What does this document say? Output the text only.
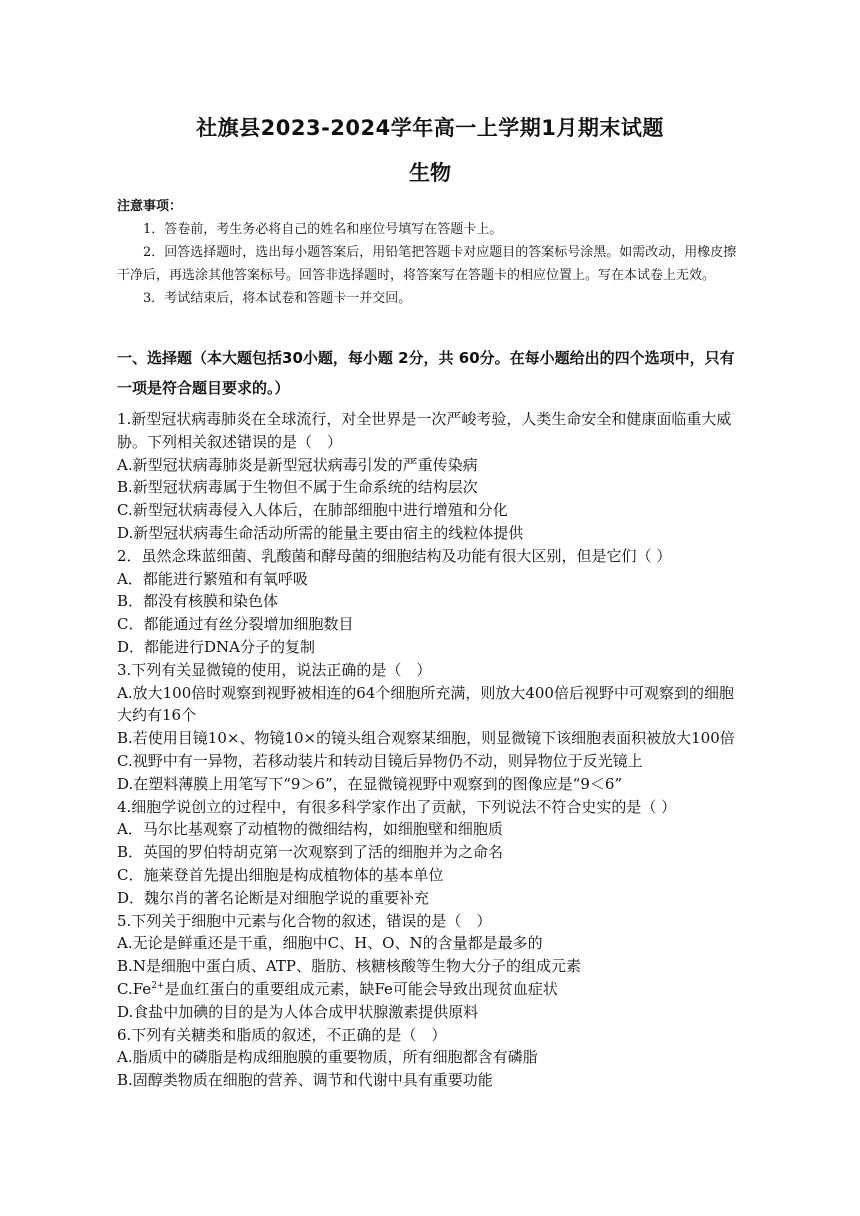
社旗县2023-2024学年高一上学期1月期末试题
生物
注意事项：

1．答卷前，考生务必将自己的姓名和座位号填写在答题卡上。

2．回答选择题时，选出每小题答案后，用铅笔把答题卡对应题目的答案标号涂黑。如需改动，用橡皮擦干净后，再选涂其他答案标号。回答非选择题时，将答案写在答题卡的相应位置上。写在本试卷上无效。

3．考试结束后，将本试卷和答题卡一并交回。

一、选择题（本大题包括30小题，每小题 2分，共 60分。在每小题给出的四个选项中，只有一项是符合题目要求的。）

1.新型冠状病毒肺炎在全球流行，对全世界是一次严峻考验，人类生命安全和健康面临重大威胁。下列相关叙述错误的是（　）

A.新型冠状病毒肺炎是新型冠状病毒引发的严重传染病

B.新型冠状病毒属于生物但不属于生命系统的结构层次

C.新型冠状病毒侵入人体后，在肺部细胞中进行增殖和分化

D.新型冠状病毒生命活动所需的能量主要由宿主的线粒体提供

2．虽然念珠蓝细菌、乳酸菌和酵母菌的细胞结构及功能有很大区别，但是它们（ ）

A．都能进行繁殖和有氧呼吸

B．都没有核膜和染色体

C．都能通过有丝分裂增加细胞数目

D．都能进行DNA分子的复制

3.下列有关显微镜的使用，说法正确的是（　）

A.放大100倍时观察到视野被相连的64个细胞所充满，则放大400倍后视野中可观察到的细胞大约有16个

B.若使用目镜10×、物镜10×的镜头组合观察某细胞，则显微镜下该细胞表面积被放大100倍

C.视野中有一异物，若移动装片和转动目镜后异物仍不动，则异物位于反光镜上

D.在塑料薄膜上用笔写下“9＞6”，在显微镜视野中观察到的图像应是“9＜6”

4.细胞学说创立的过程中，有很多科学家作出了贡献，下列说法不符合史实的是（ ）

A．马尔比基观察了动植物的微细结构，如细胞壁和细胞质

B．英国的罗伯特胡克第一次观察到了活的细胞并为之命名

C．施莱登首先提出细胞是构成植物体的基本单位

D．魏尔肖的著名论断是对细胞学说的重要补充

5.下列关于细胞中元素与化合物的叙述，错误的是（　）

A.无论是鲜重还是干重，细胞中C、H、O、N的含量都是最多的

B.N是细胞中蛋白质、ATP、脂肪、核糖核酸等生物大分子的组成元素

$C.Fe^{2+}$是血红蛋白的重要组成元素，缺Fe可能会导致出现贫血症状

D.食盐中加碘的目的是为人体合成甲状腺激素提供原料

6.下列有关糖类和脂质的叙述，不正确的是（　）

A.脂质中的磷脂是构成细胞膜的重要物质，所有细胞都含有磷脂

B.固醇类物质在细胞的营养、调节和代谢中具有重要功能
